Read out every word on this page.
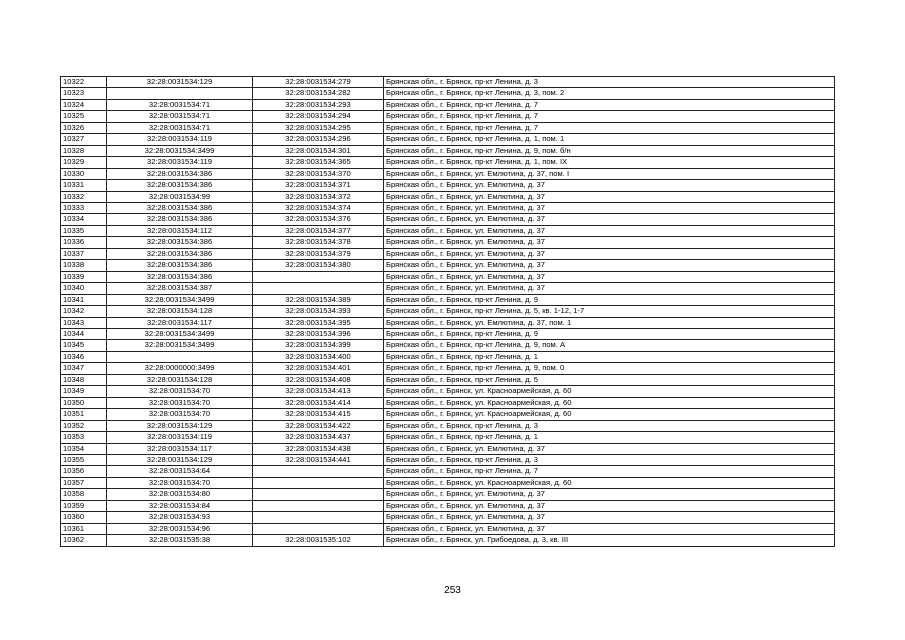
10322	32:28:0031534:129	32:28:0031534:279	Брянская обл., г. Брянск, пр-кт Ленина, д. 3
10323		32:28:0031534:282	Брянская обл., г. Брянск, пр-кт Ленина, д. 3, пом. 2
10324	32:28:0031534:71	32:28:0031534:293	Брянская обл., г. Брянск, пр-кт Ленина, д. 7
10325	32:28:0031534:71	32:28:0031534:294	Брянская обл., г. Брянск, пр-кт Ленина, д. 7
10326	32:28:0031534:71	32:28:0031534:295	Брянская обл., г. Брянск, пр-кт Ленина, д. 7
10327	32:28:0031534:119	32:28:0031534:296	Брянская обл., г. Брянск, пр-кт Ленина, д. 1, пом. 1
10328	32:28:0031534:3499	32:28:0031534:301	Брянская обл., г. Брянск, пр-кт Ленина, д. 9, пом. б/н
10329	32:28:0031534:119	32:28:0031534:365	Брянская обл., г. Брянск, пр-кт Ленина, д. 1, пом. IX
10330	32:28:0031534:386	32:28:0031534:370	Брянская обл., г. Брянск, ул. Емлютина, д. 37, пом. I
10331	32:28:0031534:386	32:28:0031534:371	Брянская обл., г. Брянск, ул. Емлютина, д. 37
10332	32:28:0031534:99	32:28:0031534:372	Брянская обл., г. Брянск, ул. Емлютина, д. 37
10333	32:28:0031534:386	32:28:0031534:374	Брянская обл., г. Брянск, ул. Емлютина, д. 37
10334	32:28:0031534:386	32:28:0031534:376	Брянская обл., г. Брянск, ул. Емлютина, д. 37
10335	32:28:0031534:112	32:28:0031534:377	Брянская обл., г. Брянск, ул. Емлютина, д. 37
10336	32:28:0031534:386	32:28:0031534:378	Брянская обл., г. Брянск, ул. Емлютина, д. 37
10337	32:28:0031534:386	32:28:0031534:379	Брянская обл., г. Брянск, ул. Емлютина, д. 37
10338	32:28:0031534:386	32:28:0031534:380	Брянская обл., г. Брянск, ул. Емлютина, д. 37
10339	32:28:0031534:386		Брянская обл., г. Брянск, ул. Емлютина, д. 37
10340	32:28:0031534:387		Брянская обл., г. Брянск, ул. Емлютина, д. 37
10341	32:28:0031534:3499	32:28:0031534:389	Брянская обл., г. Брянск, пр-кт Ленина, д. 9
10342	32:28:0031534:128	32:28:0031534:393	Брянская обл., г. Брянск, пр-кт Ленина, д. 5, кв. 1-12, 1-7
10343	32:28:0031534:117	32:28:0031534:395	Брянская обл., г. Брянск, ул. Емлютина, д. 37, пом. 1
10344	32:28:0031534:3499	32:28:0031534:396	Брянская обл., г. Брянск, пр-кт Ленина, д. 9
10345	32:28:0031534:3499	32:28:0031534:399	Брянская обл., г. Брянск, пр-кт Ленина, д. 9, пом. А
10346		32:28:0031534:400	Брянская обл., г. Брянск, пр-кт Ленина, д. 1
10347	32:28:0000000:3499	32:28:0031534:401	Брянская обл., г. Брянск, пр-кт Ленина, д. 9, пом. 0
10348	32:28:0031534:128	32:28:0031534:408	Брянская обл., г. Брянск, пр-кт Ленина, д. 5
10349	32:28:0031534:70	32:28:0031534:413	Брянская обл., г. Брянск, ул. Красноармейская, д. 60
10350	32:28:0031534:70	32:28:0031534:414	Брянская обл., г. Брянск, ул. Красноармейская, д. 60
10351	32:28:0031534:70	32:28:0031534:415	Брянская обл., г. Брянск, ул. Красноармейская, д. 60
10352	32:28:0031534:129	32:28:0031534:422	Брянская обл., г. Брянск, пр-кт Ленина, д. 3
10353	32:28:0031534:119	32:28:0031534:437	Брянская обл., г. Брянск, пр-кт Ленина, д. 1
10354	32:28:0031534:117	32:28:0031534:438	Брянская обл., г. Брянск, ул. Емлютина, д. 37
10355	32:28:0031534:129	32:28:0031534:441	Брянская обл., г. Брянск, пр-кт Ленина, д. 3
10356	32:28:0031534:64		Брянская обл., г. Брянск, пр-кт Ленина, д. 7
10357	32:28:0031534:70		Брянская обл., г. Брянск, ул. Красноармейская, д. 60
10358	32:28:0031534:80		Брянская обл., г. Брянск, ул. Емлютина, д. 37
10359	32:28:0031534:84		Брянская обл., г. Брянск, ул. Емлютина, д. 37
10360	32:28:0031534:93		Брянская обл., г. Брянск, ул. Емлютина, д. 37
10361	32:28:0031534:96		Брянская обл., г. Брянск, ул. Емлютина, д. 37
10362	32:28:0031535:38	32:28:0031535:102	Брянская обл., г. Брянск, ул. Грибоедова, д. 3, кв. III
253
